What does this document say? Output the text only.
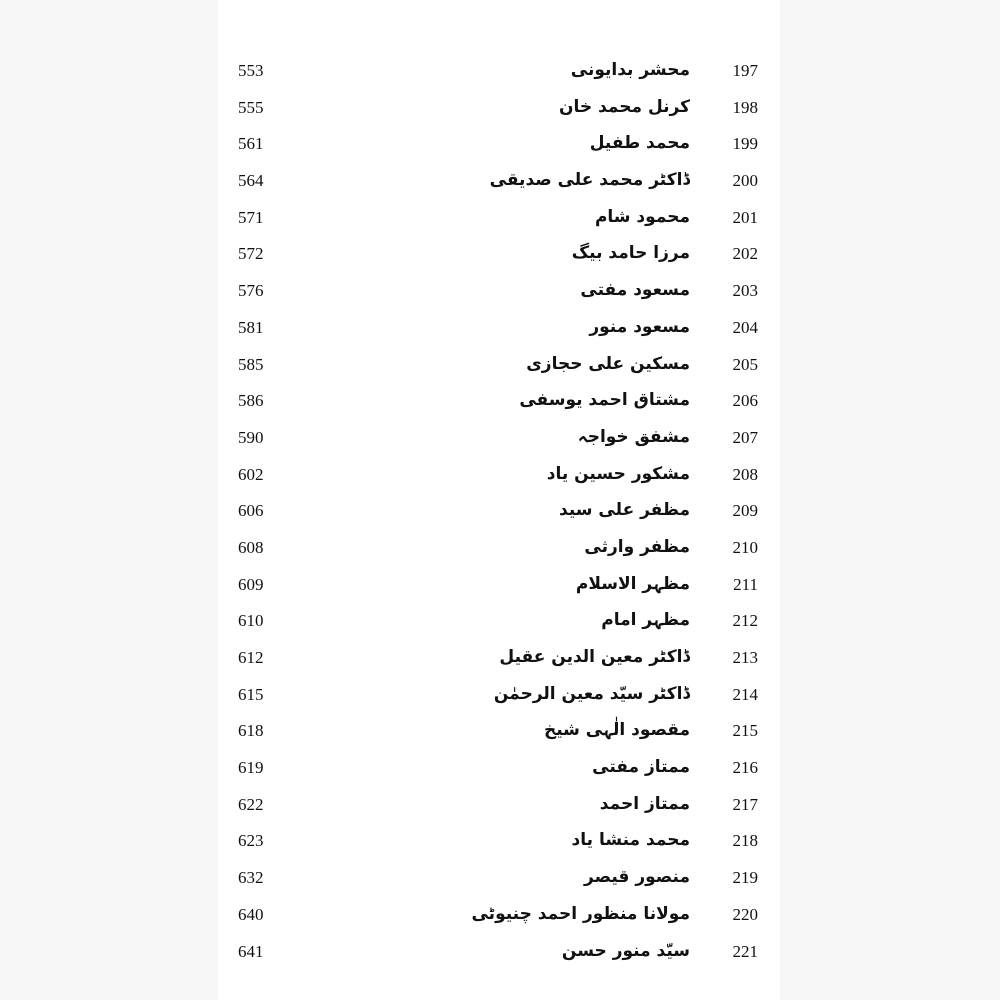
553	محشر بدایونی	197
555	کرنل محمد خان	198
561	محمد طفیل	199
564	ڈاکٹر محمد علی صدیقی	200
571	محمود شام	201
572	مرزا حامد بیگ	202
576	مسعود مفتی	203
581	مسعود منور	204
585	مسکین علی حجازی	205
586	مشتاق احمد یوسفی	206
590	مشفق خواجہ	207
602	مشکور حسین یاد	208
606	مظفر علی سید	209
608	مظفر وارثی	210
609	مظہر الاسلام	211
610	مظہر امام	212
612	ڈاکٹر معین الدین عقیل	213
615	ڈاکٹر سیّد معین الرحمٰن	214
618	مقصود الٰہی شیخ	215
619	ممتاز مفتی	216
622	ممتاز احمد	217
623	محمد منشا یاد	218
632	منصور قیصر	219
640	مولانا منظور احمد چنیوٹی	220
641	سیّد منور حسن	221
